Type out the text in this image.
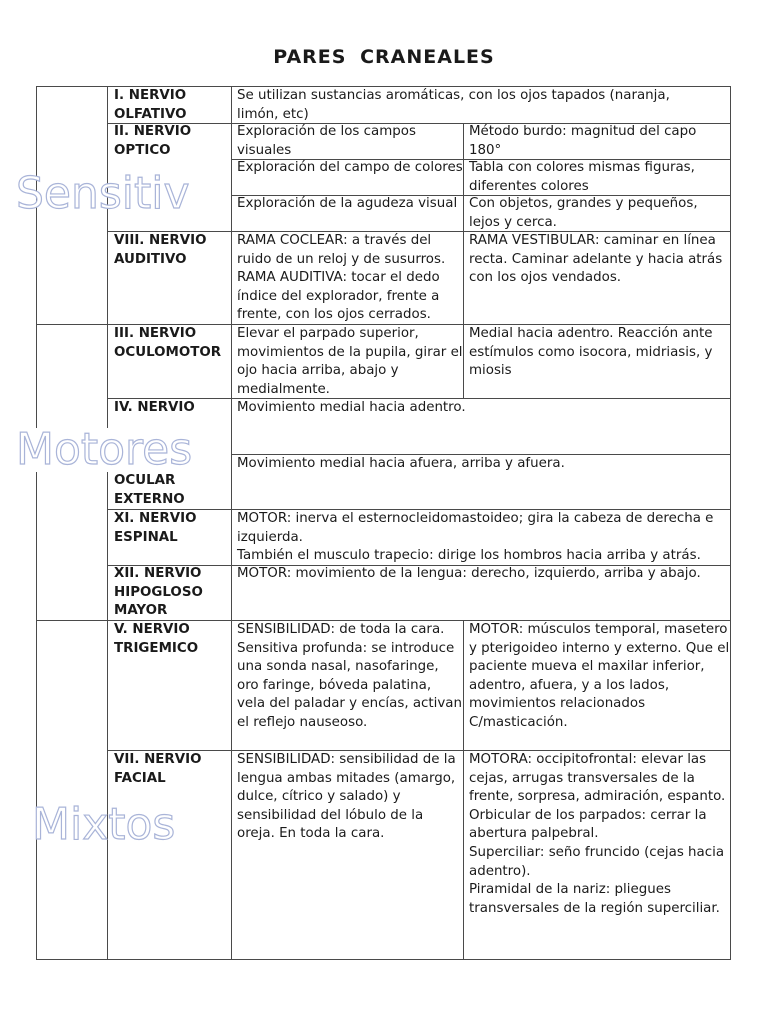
PARES CRANEALES
Sensitiv
Motores
Mixtos
I. NERVIO OLFATIVO
Se utilizan sustancias aromáticas, con los ojos tapados (naranja, limón, etc)
II. NERVIO OPTICO
Exploración de los campos visuales
Método burdo: magnitud del capo 180°
Exploración del campo de colores Tabla con colores mismas figuras, diferentes colores
Exploración de la agudeza visual Con objetos, grandes y pequeños, lejos y cerca.
VIII. NERVIO AUDITIVO
RAMA COCLEAR: a través del ruido de un reloj y de susurros. RAMA AUDITIVA: tocar el dedo índice del explorador, frente a frente, con los ojos cerrados.
RAMA VESTIBULAR: caminar en línea recta. Caminar adelante y hacia atrás con los ojos vendados.
III. NERVIO OCULOMOTOR
Elevar el parpado superior, movimientos de la pupila, girar el ojo hacia arriba, abajo y medialmente.
Medial hacia adentro. Reacción ante estímulos como isocora, midriasis, y miosis
IV. NERVIO
OCULAR EXTERNO
Movimiento medial hacia adentro.
Movimiento medial hacia afuera, arriba y afuera.
XI. NERVIO ESPINAL
MOTOR: inerva el esternocleidomastoideo; gira la cabeza de derecha e izquierda.
También el musculo trapecio: dirige los hombros hacia arriba y atrás.
XII. NERVIO HIPOGLOSO MAYOR
MOTOR: movimiento de la lengua: derecho, izquierdo, arriba y abajo.
V. NERVIO TRIGEMICO
SENSIBILIDAD: de toda la cara. Sensitiva profunda: se introduce una sonda nasal, nasofaringe, oro faringe, bóveda palatina, vela del paladar y encías, activan el reflejo nauseoso.
MOTOR: músculos temporal, masetero y pterigoideo interno y externo. Que el paciente mueva el maxilar inferior, adentro, afuera, y a los lados, movimientos relacionados C/masticación.
VII. NERVIO FACIAL
SENSIBILIDAD: sensibilidad de la lengua ambas mitades (amargo, dulce, cítrico y salado) y sensibilidad del lóbulo de la oreja. En toda la cara.
MOTORA: occipitofrontal: elevar las cejas, arrugas transversales de la frente, sorpresa, admiración, espanto.
Orbicular de los parpados: cerrar la abertura palpebral.
Superciliar: seño fruncido (cejas hacia adentro).
Piramidal de la nariz: pliegues transversales de la región superciliar.
